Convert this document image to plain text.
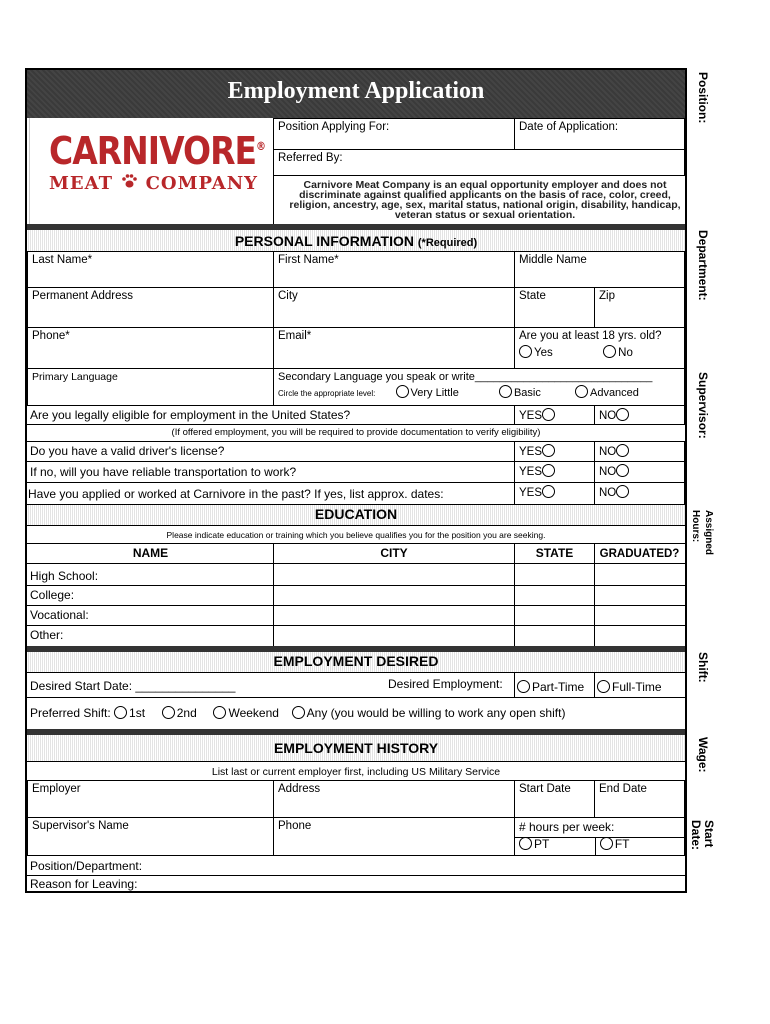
Employment Application
CARNIVORE®
MEAT COMPANY
Position Applying For:	Date of Application:
Referred By:
Carnivore Meat Company is an equal opportunity employer and does not discriminate against qualified applicants on the basis of race, color, creed, religion, ancestry, age, sex, marital status, national origin, disability, handicap, veteran status or sexual orientation.
PERSONAL INFORMATION (*Required)
Last Name*	First Name*	Middle Name
Permanent Address	City	State	Zip
Phone*	Email*	Are you at least 18 yrs. old?
Yes	No
Primary Language	Secondary Language you speak or write_____________________________
Circle the appropriate level:	Very Little	Basic	Advanced
Are you legally eligible for employment in the United States?	YES	NO
(If offered employment, you will be required to provide documentation to verify eligibility)
Do you have a valid driver's license?	YES	NO
If no, will you have reliable transportation to work?	YES	NO
Have you applied or worked at Carnivore in the past? If yes, list approx. dates:	YES	NO
EDUCATION
Please indicate education or training which you believe qualifies you for the position you are seeking.
NAME	CITY	STATE	GRADUATED?
High School:
College:
Vocational:
Other:
EMPLOYMENT DESIRED
Desired Start Date: _______________	Desired Employment:	Part-Time	Full-Time
Preferred Shift: 1st	2nd	Weekend Any (you would be willing to work any open shift)
EMPLOYMENT HISTORY
List last or current employer first, including US Military Service
Employer	Address	Start Date	End Date
Supervisor's Name	Phone	# hours per week:
PT	FT
Position/Department:
Reason for Leaving:
Position:
Department:
Supervisor:
Assigned
Hours:
Shift:
Wage:
Start
Date:
